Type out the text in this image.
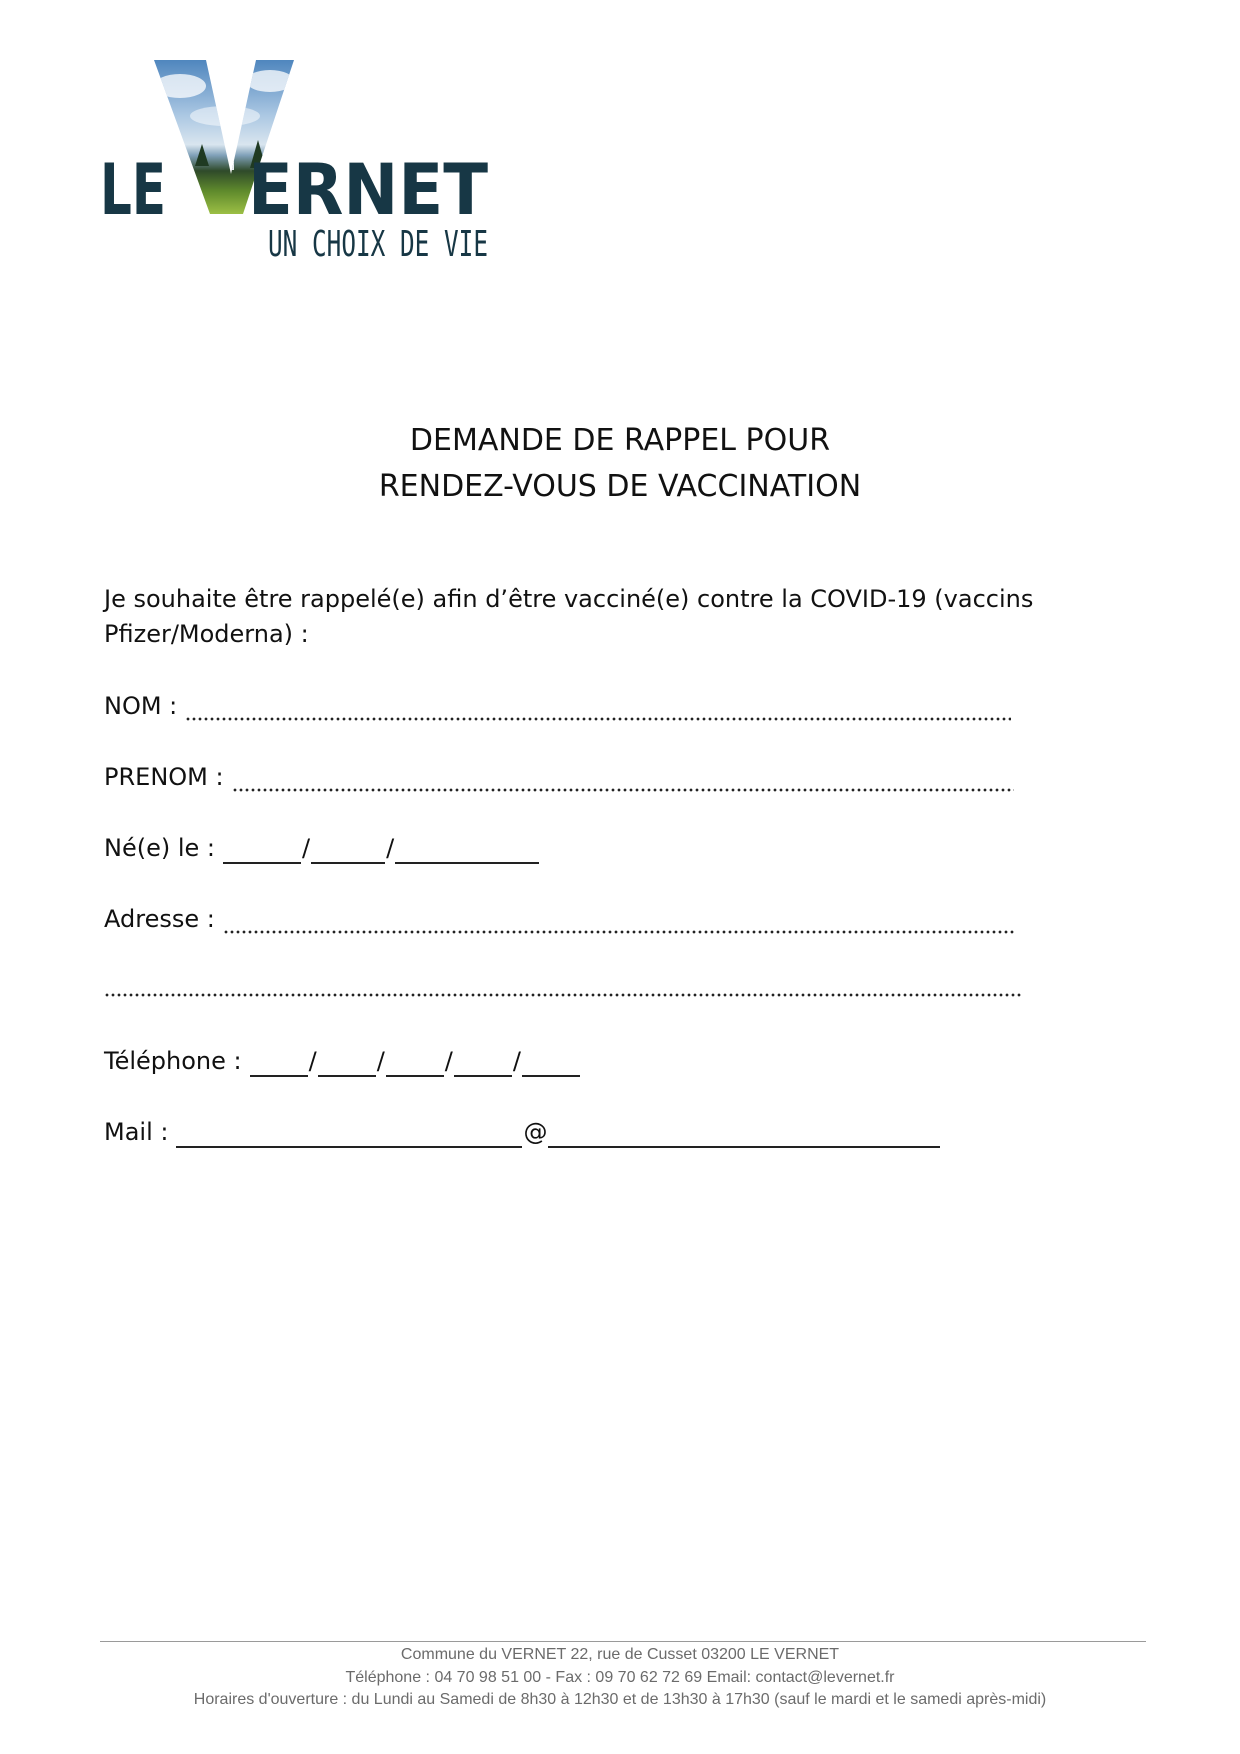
LE ERNET
UN CHOIX DE VIE
DEMANDE DE RAPPEL POUR
RENDEZ-VOUS DE VACCINATION
Je souhaite être rappelé(e) afin d’être vacciné(e) contre la COVID-19 (vaccins Pfizer/Moderna) :
NOM :
PRENOM :
Né(e) le :	/	/
Adresse :
Téléphone :	/	/	/	/
Mail :	@
Commune du VERNET 22, rue de Cusset 03200 LE VERNET
Téléphone : 04 70 98 51 00 - Fax : 09 70 62 72 69 Email: contact@levernet.fr
Horaires d'ouverture : du Lundi au Samedi de 8h30 à 12h30 et de 13h30 à 17h30 (sauf le mardi et le samedi après-midi)
